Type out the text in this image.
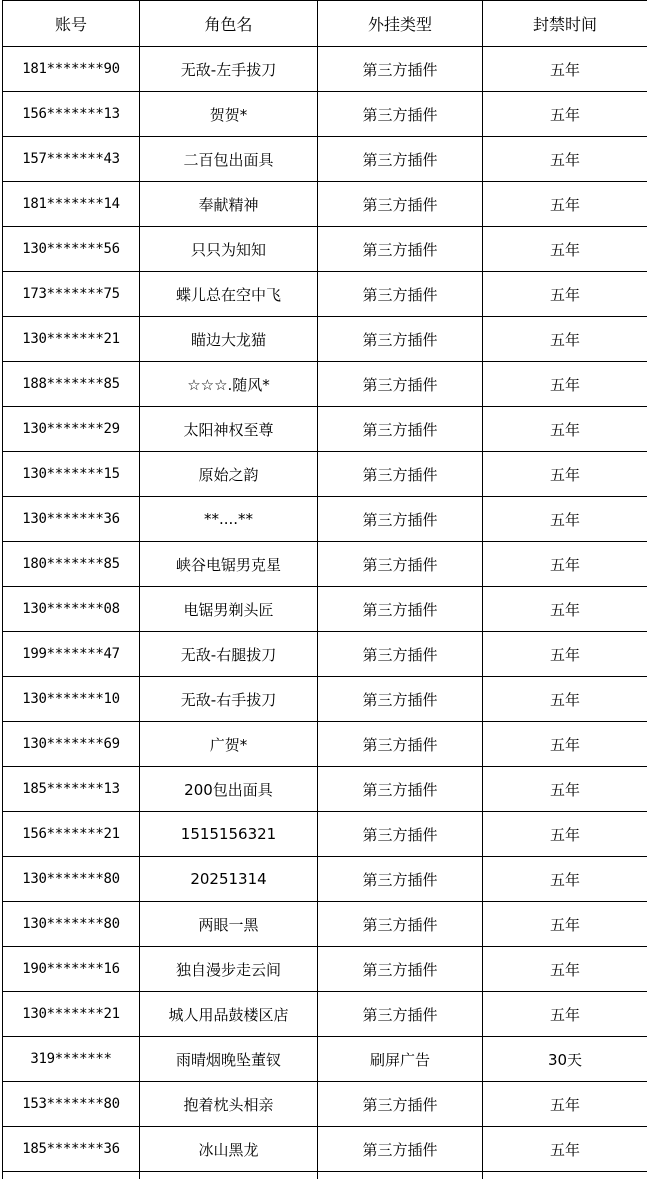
账号	角色名	外挂类型	封禁时间
181*******90	无敌-左手拔刀	第三方插件	五年
156*******13	贺贺*	第三方插件	五年
157*******43	二百包出面具	第三方插件	五年
181*******14	奉献精神	第三方插件	五年
130*******56	只只为知知	第三方插件	五年
173*******75	蝶儿总在空中飞	第三方插件	五年
130*******21	瞄边大龙猫	第三方插件	五年
188*******85	☆☆☆.随风*	第三方插件	五年
130*******29	太阳神权至尊	第三方插件	五年
130*******15	原始之韵	第三方插件	五年
130*******36	**....**	第三方插件	五年
180*******85	峡谷电锯男克星	第三方插件	五年
130*******08	电锯男剃头匠	第三方插件	五年
199*******47	无敌-右腿拔刀	第三方插件	五年
130*******10	无敌-右手拔刀	第三方插件	五年
130*******69	广贺*	第三方插件	五年
185*******13	200包出面具	第三方插件	五年
156*******21	1515156321	第三方插件	五年
130*******80	20251314	第三方插件	五年
130*******80	两眼一黑	第三方插件	五年
190*******16	独自漫步走云间	第三方插件	五年
130*******21	城人用品鼓楼区店	第三方插件	五年
319*******	雨晴烟晚坠董钗	刷屏广告	30天
153*******80	抱着枕头相亲	第三方插件	五年
185*******36	冰山黑龙	第三方插件	五年
